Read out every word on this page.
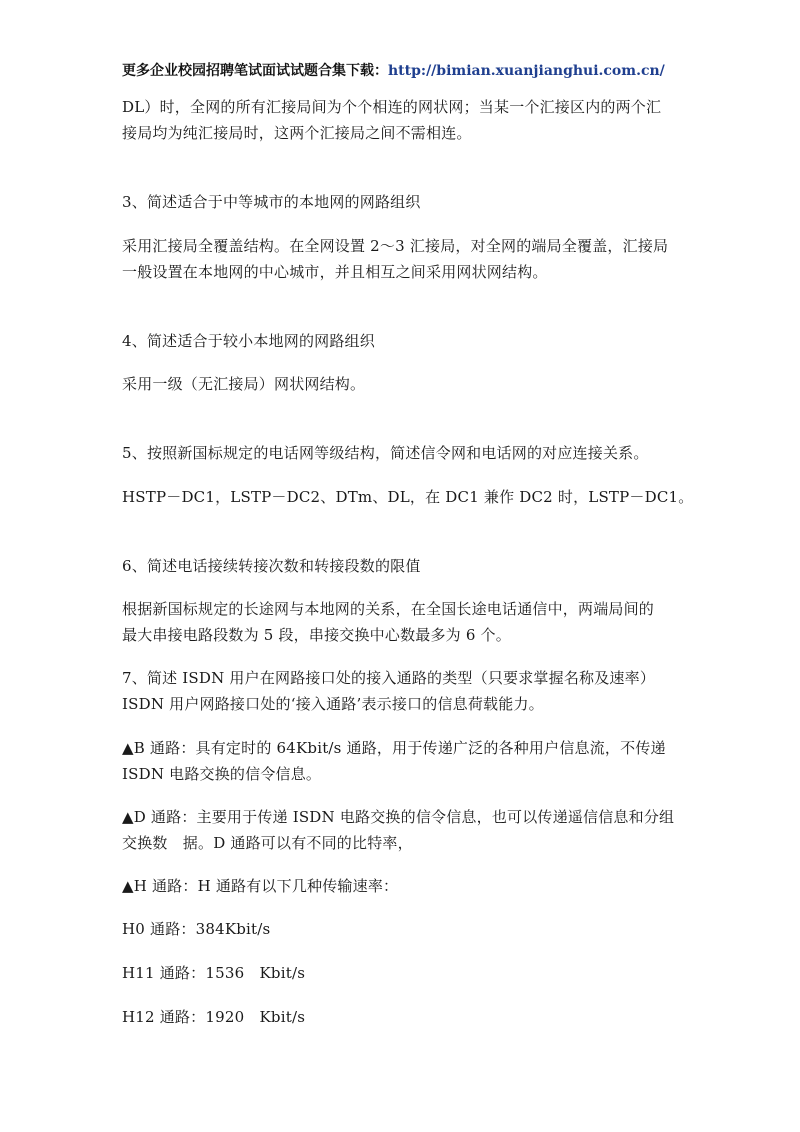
更多企业校园招聘笔试面试试题合集下载：http://bimian.xuanjianghui.com.cn/
DL）时，全网的所有汇接局间为个个相连的网状网；当某一个汇接区内的两个汇
接局均为纯汇接局时，这两个汇接局之间不需相连。
3、简述适合于中等城市的本地网的网路组织
采用汇接局全覆盖结构。在全网设置 2～3 汇接局，对全网的端局全覆盖，汇接局
一般设置在本地网的中心城市，并且相互之间采用网状网结构。
4、简述适合于较小本地网的网路组织
采用一级（无汇接局）网状网结构。
5、按照新国标规定的电话网等级结构，简述信令网和电话网的对应连接关系。
HSTP－DC1，LSTP－DC2、DTm、DL，在 DC1 兼作 DC2 时，LSTP－DC1。
6、简述电话接续转接次数和转接段数的限值
根据新国标规定的长途网与本地网的关系，在全国长途电话通信中，两端局间的
最大串接电路段数为 5 段，串接交换中心数最多为 6 个。
7、简述 ISDN 用户在网路接口处的接入通路的类型（只要求掌握名称及速率）
ISDN 用户网路接口处的‘接入通路’表示接口的信息荷载能力。
▲B 通路：具有定时的 64Kbit/s 通路，用于传递广泛的各种用户信息流，不传递
ISDN 电路交换的信令信息。
▲D 通路：主要用于传递 ISDN 电路交换的信令信息，也可以传递遥信信息和分组
交换数　据。D 通路可以有不同的比特率，
▲H 通路：H 通路有以下几种传输速率：
H0 通路：384Kbit/s
H11 通路：1536　Kbit/s
H12 通路：1920　Kbit/s
